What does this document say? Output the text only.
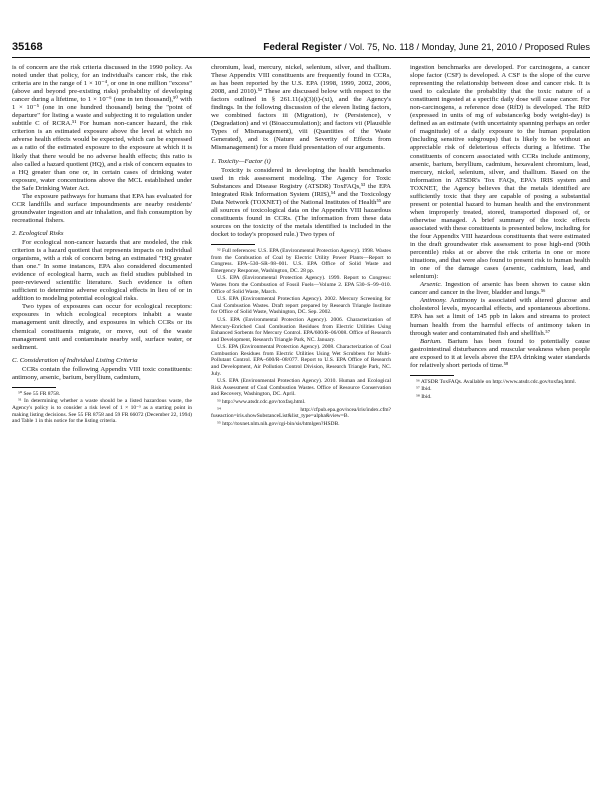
35168	Federal Register / Vol. 75, No. 118 / Monday, June 21, 2010 / Proposed Rules

is of concern are the risk criteria discussed in the 1990 policy. As noted under that policy, for an individual's cancer risk, the risk criteria are in the range of 1 × 10⁻⁴, or one in one million "excess" (above and beyond pre-existing risks) probability of developing cancer during a lifetime, to 1 × 10⁻⁶ (one in ten thousand),⁵⁰ with 1 × 10⁻⁵ (one in one hundred thousand) being the "point of departure" for listing a waste and subjecting it to regulation under subtitle C of RCRA.⁵¹ For human non-cancer hazard, the risk criterion is an estimated exposure above the level at which no adverse health effects would be expected, which can be expressed as a ratio of the estimated exposure to the exposure at which it is likely that there would be no adverse health effects; this ratio is also called a hazard quotient (HQ), and a risk of concern equates to a HQ greater than one or, in certain cases of drinking water exposure, water concentrations above the MCL established under the Safe Drinking Water Act.

The exposure pathways for humans that EPA has evaluated for CCR landfills and surface impoundments are nearby residents' groundwater ingestion and air inhalation, and fish consumption by recreational fishers.

2. Ecological Risks

For ecological non-cancer hazards that are modeled, the risk criterion is a hazard quotient that represents impacts on individual organisms, with a risk of concern being an estimated "HQ greater than one." In some instances, EPA also considered documented evidence of ecological harm, such as field studies published in peer-reviewed scientific literature. Such evidence is often sufficient to determine adverse ecological effects in lieu of or in addition to modeling potential ecological risks.

Two types of exposures can occur for ecological receptors: exposures in which ecological receptors inhabit a waste management unit directly, and exposures in which CCRs or its chemical constituents migrate, or move, out of the waste management unit and contaminate nearby soil, surface water, or sediment.

C. Consideration of Individual Listing Criteria

CCRs contain the following Appendix VIII toxic constituents: antimony, arsenic, barium, beryllium, cadmium,

⁵⁰ See 55 FR 8758.

⁵¹ In determining whether a waste should be a listed hazardous waste, the Agency's policy is to consider a risk level of 1 × 10⁻⁵ as a starting point in making listing decisions. See 55 FR 8758 and 59 FR 66072 (December 22, 1994) and Table 1 in this notice for the listing criteria.

chromium, lead, mercury, nickel, selenium, silver, and thallium. These Appendix VIII constituents are frequently found in CCRs, as has been reported by the U.S. EPA (1998, 1999, 2002, 2006, 2008, and 2010).⁵² These are discussed below with respect to the factors outlined in § 261.11(a)(3)(i)-(xi), and the Agency's findings. In the following discussion of the eleven listing factors, we combined factors iii (Migration), iv (Persistence), v (Degradation) and vi (Bioaccumulation); and factors vii (Plausible Types of Mismanagement), viii (Quantities of the Waste Generated), and ix (Nature and Severity of Effects from Mismanagement) for a more fluid presentation of our arguments.

1. Toxicity—Factor (i)

Toxicity is considered in developing the health benchmarks used in risk assessment modeling. The Agency for Toxic Substances and Disease Registry (ATSDR) ToxFAQs,⁵³ the EPA Integrated Risk Information System (IRIS),⁵⁴ and the Toxicology Data Network (TOXNET) of the National Institutes of Health⁵⁵ are all sources of toxicological data on the Appendix VIII hazardous constituents found in CCRs. (The information from these data sources on the toxicity of the metals identified is included in the docket to today's proposed rule.) Two types of

⁵² Full references: U.S. EPA (Environmental Protection Agency). 1998. Wastes from the Combustion of Coal by Electric Utility Power Plants—Report to Congress. EPA–530–SR–98–001. U.S. EPA Office of Solid Waste and Emergency Response, Washington, DC. 28 pp.

U.S. EPA (Environmental Protection Agency). 1999. Report to Congress: Wastes from the Combustion of Fossil Fuels—Volume 2. EPA 530–S–99–010. Office of Solid Waste, March.

U.S. EPA (Environmental Protection Agency). 2002. Mercury Screening for Coal Combustion Wastes. Draft report prepared by Research Triangle Institute for Office of Solid Waste, Washington, DC. Sep. 2002.

U.S. EPA (Environmental Protection Agency). 2006. Characterization of Mercury-Enriched Coal Combustion Residues from Electric Utilities Using Enhanced Sorbents for Mercury Control. EPA/600/R–06/008. Office of Research and Development, Research Triangle Park, NC. January.

U.S. EPA (Environmental Protection Agency). 2008. Characterization of Coal Combustion Residues from Electric Utilities Using Wet Scrubbers for Multi-Pollutant Control. EPA–600/R–08/077. Report to U.S. EPA Office of Research and Development, Air Pollution Control Division, Research Triangle Park, NC. July.

U.S. EPA (Environmental Protection Agency). 2010. Human and Ecological Risk Assessment of Coal Combustion Wastes. Office of Resource Conservation and Recovery, Washington, DC. April.

⁵³ http://www.atsdr.cdc.gov/toxfaq.html.

⁵⁴ http://cfpub.epa.gov/ncea/iris/index.cfm?fuseaction=iris.showSubstanceList&list_type=alpha&view=B.

⁵⁵ http://toxnet.nlm.nih.gov/cgi-bin/sis/htmlgen?HSDB.

ingestion benchmarks are developed. For carcinogens, a cancer slope factor (CSF) is developed. A CSF is the slope of the curve representing the relationship between dose and cancer risk. It is used to calculate the probability that the toxic nature of a constituent ingested at a specific daily dose will cause cancer. For non-carcinogens, a reference dose (RfD) is developed. The RfD (expressed in units of mg of substance/kg body weight-day) is defined as an estimate (with uncertainty spanning perhaps an order of magnitude) of a daily exposure to the human population (including sensitive subgroups) that is likely to be without an appreciable risk of deleterious effects during a lifetime. The constituents of concern associated with CCRs include antimony, arsenic, barium, beryllium, cadmium, hexavalent chromium, lead, mercury, nickel, selenium, silver, and thallium. Based on the information in ATSDR's Tox FAQs, EPA's IRIS system and TOXNET, the Agency believes that the metals identified are sufficiently toxic that they are capable of posing a substantial present or potential hazard to human health and the environment when improperly treated, stored, transported disposed of, or otherwise managed. A brief summary of the toxic effects associated with these constituents is presented below, including for the four Appendix VIII hazardous constituents that were estimated in the draft groundwater risk assessment to pose high-end (90th percentile) risks at or above the risk criteria in one or more situations, and that were also found to present risk to human health in one of the damage cases (arsenic, cadmium, lead, and selenium):

Arsenic. Ingestion of arsenic has been shown to cause skin cancer and cancer in the liver, bladder and lungs.⁵⁶

Antimony. Antimony is associated with altered glucose and cholesterol levels, myocardial effects, and spontaneous abortions. EPA has set a limit of 145 ppb in lakes and streams to protect human health from the harmful effects of antimony taken in through water and contaminated fish and shellfish.⁵⁷

Barium. Barium has been found to potentially cause gastrointestinal disturbances and muscular weakness when people are exposed to it at levels above the EPA drinking water standards for relatively short periods of time.⁵⁸

⁵⁶ ATSDR ToxFAQs. Available on http://www.atsdr.cdc.gov/toxfaq.html.

⁵⁷ Ibid.

⁵⁸ Ibid.
